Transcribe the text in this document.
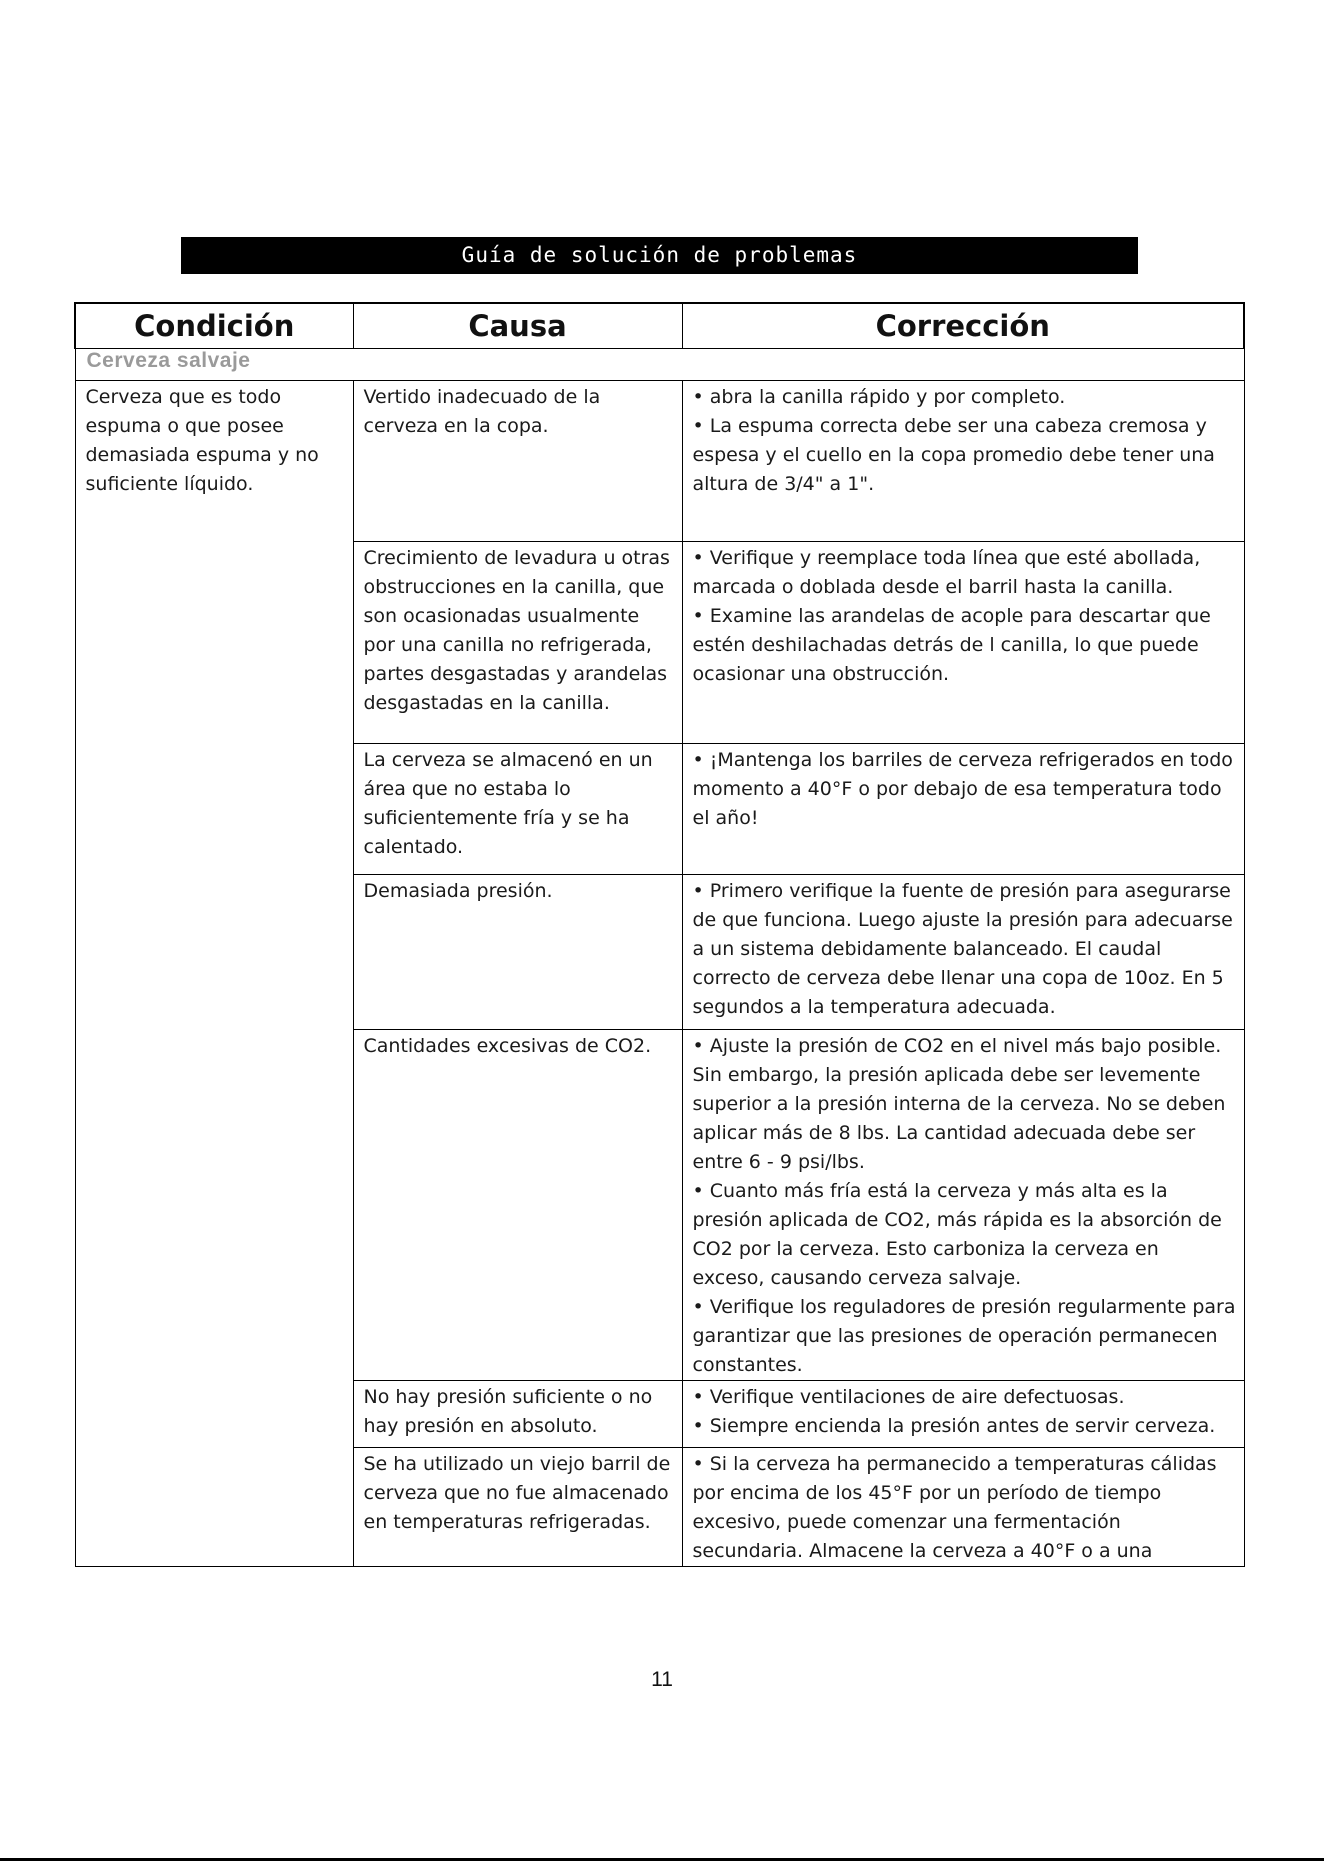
Guía de solución de problemas
Condición	Causa	Corrección
Cerveza salvaje		
Cerveza que es todo espuma o que posee demasiada espuma y no suficiente líquido.	Vertido inadecuado de la cerveza en la copa.	• abra la canilla rápido y por completo.
• La espuma correcta debe ser una cabeza cremosa y espesa y el cuello en la copa promedio debe tener una altura de 3/4" a 1".

	Crecimiento de levadura u otras obstrucciones en la canilla, que son ocasionadas usualmente por una canilla no refrigerada, partes desgastadas y arandelas desgastadas en la canilla.	• Verifique y reemplace toda línea que esté abollada, marcada o doblada desde el barril hasta la canilla.
• Examine las arandelas de acople para descartar que estén deshilachadas detrás de l canilla, lo que puede ocasionar una obstrucción.

	La cerveza se almacenó en un área que no estaba lo suficientemente fría y se ha calentado.	• ¡Mantenga los barriles de cerveza refrigerados en todo momento a 40°F o por debajo de esa temperatura todo el año!

	Demasiada presión.	• Primero verifique la fuente de presión para asegurarse de que funciona. Luego ajuste la presión para adecuarse a un sistema debidamente balanceado. El caudal correcto de cerveza debe llenar una copa de 10oz. En 5 segundos a la temperatura adecuada.

	Cantidades excesivas de CO2.	• Ajuste la presión de CO2 en el nivel más bajo posible. Sin embargo, la presión aplicada debe ser levemente superior a la presión interna de la cerveza. No se deben aplicar más de 8 lbs. La cantidad adecuada debe ser entre 6 - 9 psi/lbs.
• Cuanto más fría está la cerveza y más alta es la presión aplicada de CO2, más rápida es la absorción de CO2 por la cerveza. Esto carboniza la cerveza en exceso, causando cerveza salvaje.
• Verifique los reguladores de presión regularmente para garantizar que las presiones de operación permanecen constantes.

	No hay presión suficiente o no hay presión en absoluto.	• Verifique ventilaciones de aire defectuosas.
• Siempre encienda la presión antes de servir cerveza.

	Se ha utilizado un viejo barril de cerveza que no fue almacenado en temperaturas refrigeradas.	• Si la cerveza ha permanecido a temperaturas cálidas por encima de los 45°F por un período de tiempo excesivo, puede comenzar una fermentación secundaria. Almacene la cerveza a 40°F o a una
11
